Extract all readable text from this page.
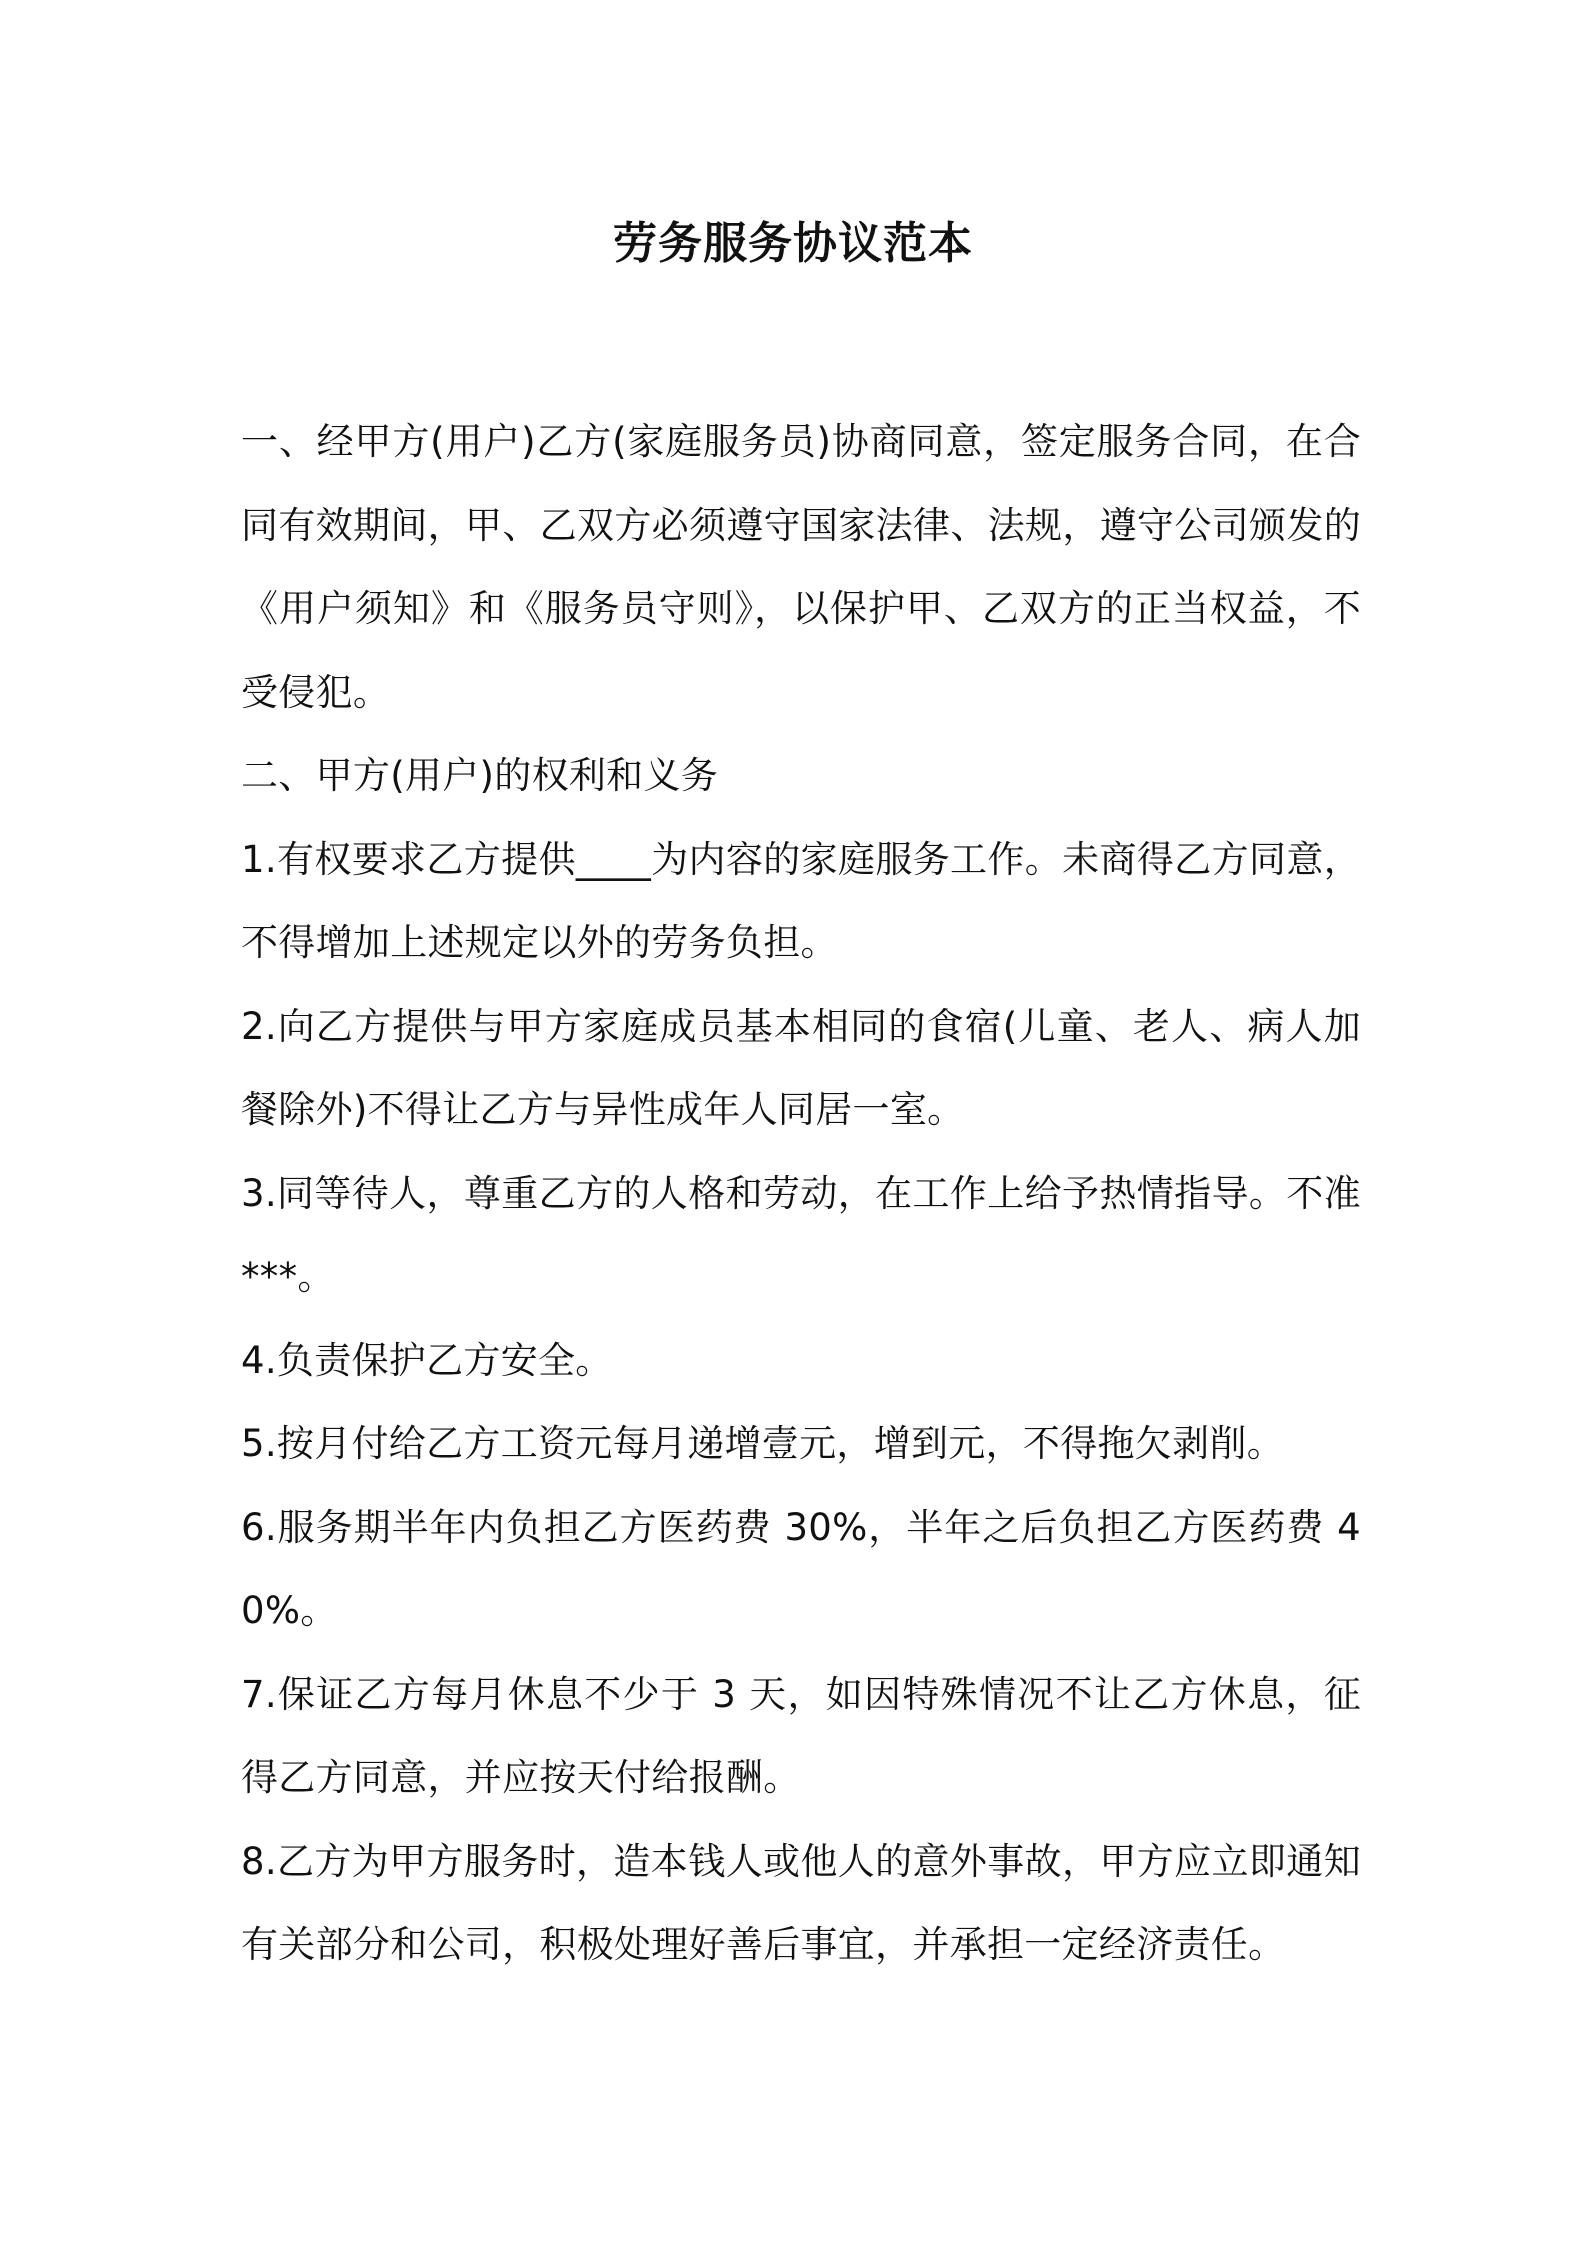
劳务服务协议范本

一、经甲方(用户)乙方(家庭服务员)协商同意，签定服务合同，在合同有效期间，甲、乙双方必须遵守国家法律、法规，遵守公司颁发的《用户须知》和《服务员守则》，以保护甲、乙双方的正当权益，不受侵犯。

二、甲方(用户)的权利和义务

1.有权要求乙方提供____为内容的家庭服务工作。未商得乙方同意，不得增加上述规定以外的劳务负担。

2.向乙方提供与甲方家庭成员基本相同的食宿(儿童、老人、病人加餐除外)不得让乙方与异性成年人同居一室。

3.同等待人，尊重乙方的人格和劳动，在工作上给予热情指导。不准***。

4.负责保护乙方安全。

5.按月付给乙方工资元每月递增壹元，增到元，不得拖欠剥削。

6.服务期半年内负担乙方医药费 30%，半年之后负担乙方医药费 40%。

7.保证乙方每月休息不少于 3 天，如因特殊情况不让乙方休息，征得乙方同意，并应按天付给报酬。

8.乙方为甲方服务时，造本钱人或他人的意外事故，甲方应立即通知有关部分和公司，积极处理好善后事宜，并承担一定经济责任。
